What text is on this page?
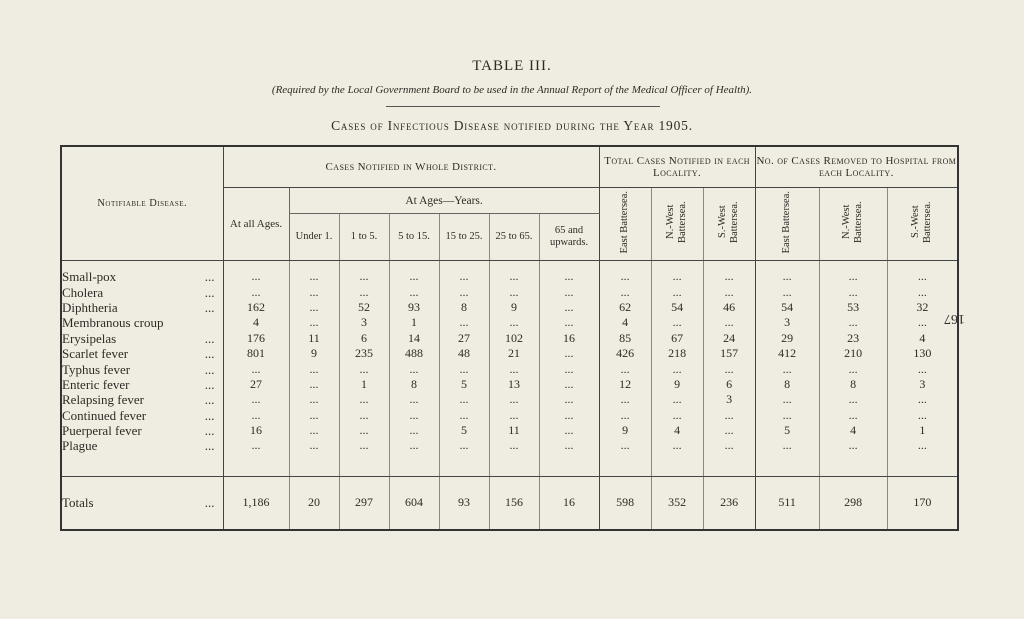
TABLE III.
(Required by the Local Government Board to be used in the Annual Report of the Medical Officer of Health).
Cases of Infectious Disease notified during the Year 1905.
167
Notifiable Disease.	Cases Notified in Whole District.							Total Cases Notified in each Locality.			No. of Cases Removed to Hospital from each Locality.		
	At all Ages.	At Ages—Years.						East Battersea.	N.-West Battersea.	S.-West Battersea.	East Battersea.	N.-West Battersea.	S.-West Battersea.
		Under 1.	1 to 5.	5 to 15.	15 to 25.	25 to 65.	65 and upwards.						

Small-pox ...	...	...	...	...	...	...	...	...	...	...	...	...	...
Cholera ...	...	...	...	...	...	...	...	...	...	...	...	...	...
Diphtheria ...	162	...	52	93	8	9	...	62	54	46	54	53	32
Membranous croup	4	...	3	1	...	...	...	4	...	...	3	...	...
Erysipelas ...	176	11	6	14	27	102	16	85	67	24	29	23	4
Scarlet fever ...	801	9	235	488	48	21	...	426	218	157	412	210	130
Typhus fever ...	...	...	...	...	...	...	...	...	...	...	...	...	...
Enteric fever ...	27	...	1	8	5	13	...	12	9	6	8	8	3
Relapsing fever ...	...	...	...	...	...	...	...	...	...	3	...	...	...
Continued fever ...	...	...	...	...	...	...	...	...	...	...	...	...	...
Puerperal fever ...	16	...	...	...	5	11	...	9	4	...	5	4	1
Plague ...	...	...	...	...	...	...	...	...	...	...	...	...	...

Totals ...	1,186	20	297	604	93	156	16	598	352	236	511	298	170
